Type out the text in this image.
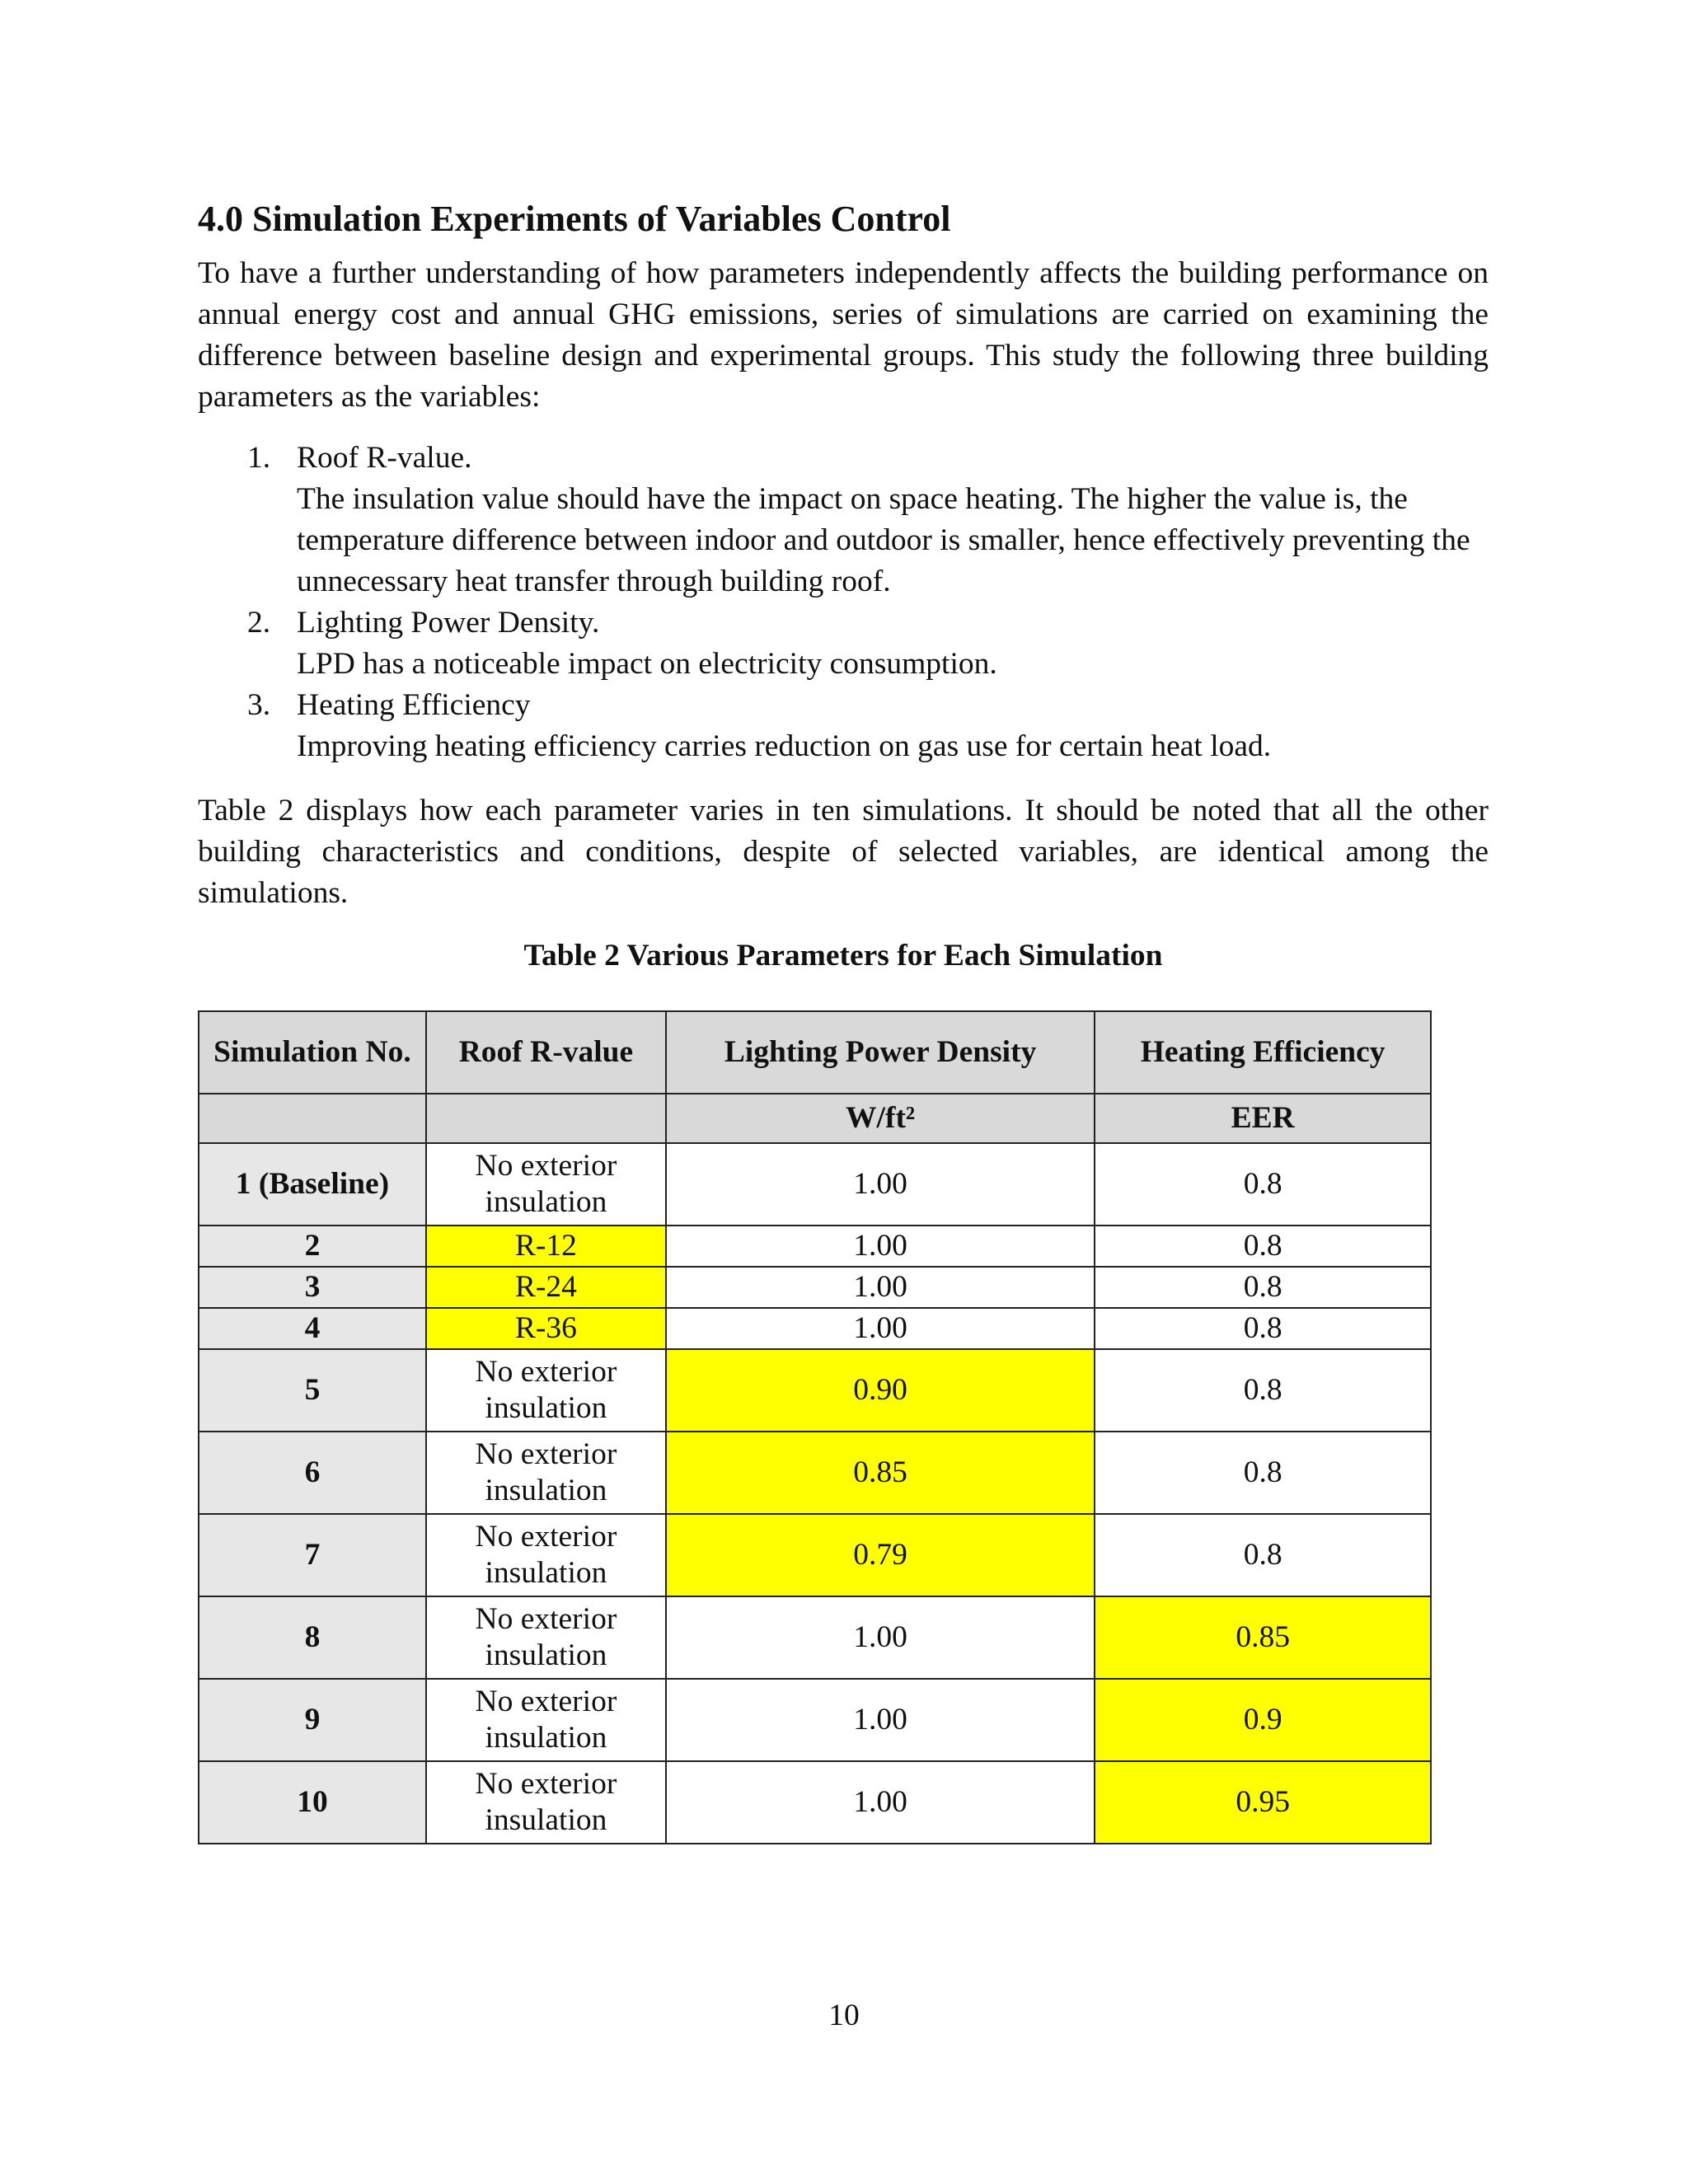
4.0 Simulation Experiments of Variables Control

To have a further understanding of how parameters independently affects the building performance on annual energy cost and annual GHG emissions, series of simulations are carried on examining the difference between baseline design and experimental groups. This study the following three building parameters as the variables:

1. Roof R-value.
The insulation value should have the impact on space heating. The higher the value is, the temperature difference between indoor and outdoor is smaller, hence effectively preventing the unnecessary heat transfer through building roof.
2. Lighting Power Density.
LPD has a noticeable impact on electricity consumption.
3. Heating Efficiency
Improving heating efficiency carries reduction on gas use for certain heat load.

Table 2 displays how each parameter varies in ten simulations. It should be noted that all the other building characteristics and conditions, despite of selected variables, are identical among the simulations.

Table 2 Various Parameters for Each Simulation

Simulation No.	Roof R-value	Lighting Power Density	Heating Efficiency
		W/ft²	EER
1 (Baseline)	No exterior insulation	1.00	0.8
2	R-12	1.00	0.8
3	R-24	1.00	0.8
4	R-36	1.00	0.8
5	No exterior insulation	0.90	0.8
6	No exterior insulation	0.85	0.8
7	No exterior insulation	0.79	0.8
8	No exterior insulation	1.00	0.85
9	No exterior insulation	1.00	0.9
10	No exterior insulation	1.00	0.95
10
